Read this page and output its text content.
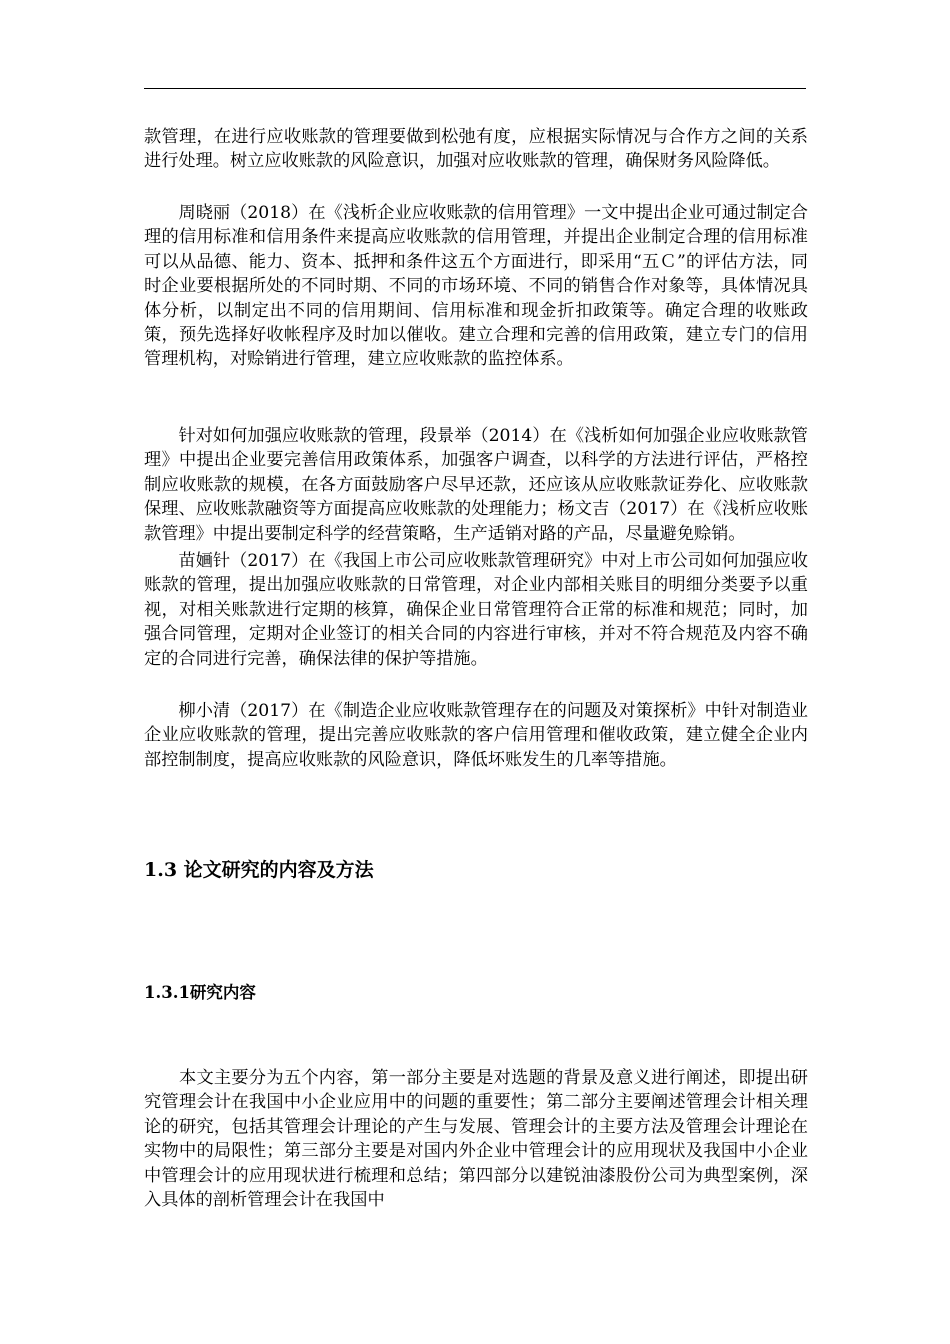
款管理，在进行应收账款的管理要做到松弛有度，应根据实际情况与合作方之间的关系进行处理。树立应收账款的风险意识，加强对应收账款的管理，确保财务风险降低。

　　周晓丽（2018）在《浅析企业应收账款的信用管理》一文中提出企业可通过制定合理的信用标准和信用条件来提高应收账款的信用管理，并提出企业制定合理的信用标准可以从品德、能力、资本、抵押和条件这五个方面进行，即采用“五Ｃ”的评估方法，同时企业要根据所处的不同时期、不同的市场环境、不同的销售合作对象等，具体情况具体分析，以制定出不同的信用期间、信用标准和现金折扣政策等。确定合理的收账政策，预先选择好收帐程序及时加以催收。建立合理和完善的信用政策，建立专门的信用管理机构，对赊销进行管理，建立应收账款的监控体系。

　　针对如何加强应收账款的管理，段景举（2014）在《浅析如何加强企业应收账款管理》中提出企业要完善信用政策体系，加强客户调查，以科学的方法进行评估，严格控制应收账款的规模，在各方面鼓励客户尽早还款，还应该从应收账款证券化、应收账款保理、应收账款融资等方面提高应收账款的处理能力；杨文吉（2017）在《浅析应收账款管理》中提出要制定科学的经营策略，生产适销对路的产品，尽量避免赊销。

　　苗婳针（2017）在《我国上市公司应收账款管理研究》中对上市公司如何加强应收账款的管理，提出加强应收账款的日常管理，对企业内部相关账目的明细分类要予以重视，对相关账款进行定期的核算，确保企业日常管理符合正常的标准和规范；同时，加强合同管理，定期对企业签订的相关合同的内容进行审核，并对不符合规范及内容不确定的合同进行完善，确保法律的保护等措施。

　　柳小清（2017）在《制造企业应收账款管理存在的问题及对策探析》中针对制造业企业应收账款的管理，提出完善应收账款的客户信用管理和催收政策，建立健全企业内部控制制度，提高应收账款的风险意识，降低坏账发生的几率等措施。

1.3 论文研究的内容及方法
1.3.1研究内容

　　本文主要分为五个内容，第一部分主要是对选题的背景及意义进行阐述，即提出研究管理会计在我国中小企业应用中的问题的重要性；第二部分主要阐述管理会计相关理论的研究，包括其管理会计理论的产生与发展、管理会计的主要方法及管理会计理论在实物中的局限性；第三部分主要是对国内外企业中管理会计的应用现状及我国中小企业中管理会计的应用现状进行梳理和总结；第四部分以建锐油漆股份公司为典型案例，深入具体的剖析管理会计在我国中
